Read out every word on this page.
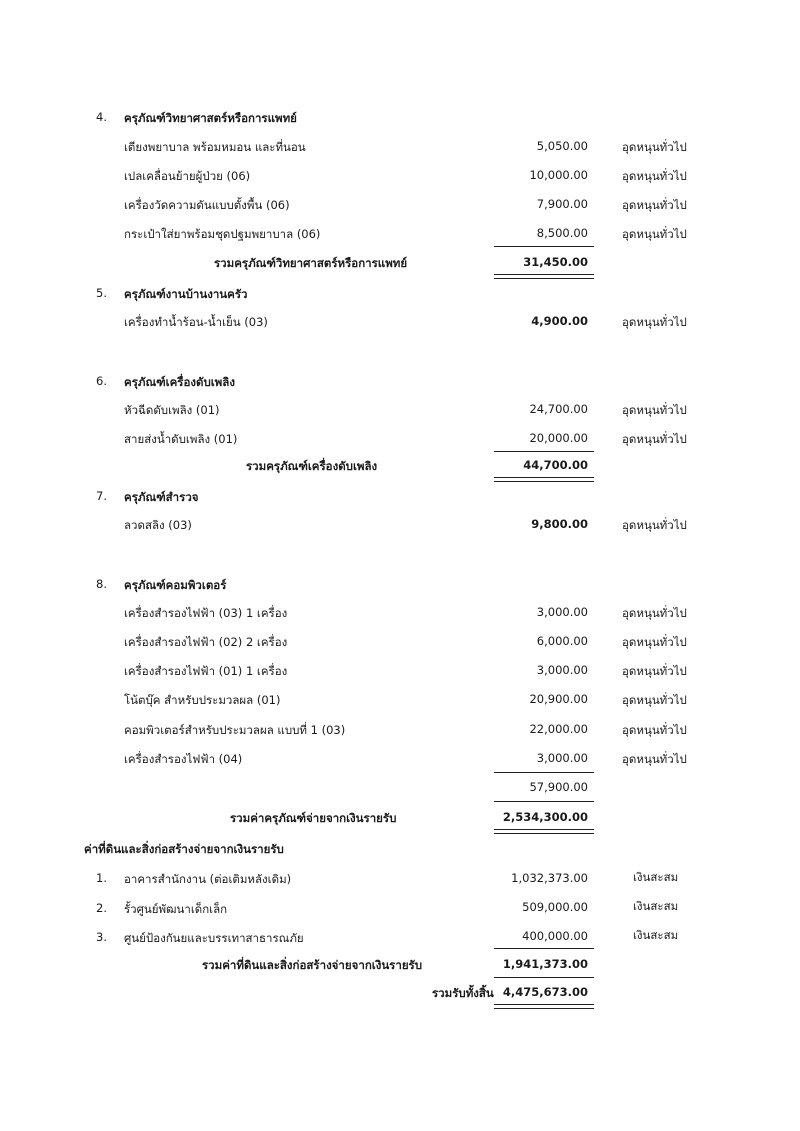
4. ครุภัณฑ์วิทยาศาสตร์หรือการแพทย์
เตียงพยาบาล พร้อมหมอน และที่นอน	5,050.00	อุดหนุนทั่วไป
เปลเคลื่อนย้ายผู้ป่วย (06)	10,000.00	อุดหนุนทั่วไป
เครื่องวัดความดันแบบตั้งพื้น (06)	7,900.00	อุดหนุนทั่วไป
กระเป๋าใส่ยาพร้อมชุดปฐมพยาบาล (06)	8,500.00	อุดหนุนทั่วไป
รวมครุภัณฑ์วิทยาศาสตร์หรือการแพทย์	31,450.00
5. ครุภัณฑ์งานบ้านงานครัว
เครื่องทำน้ำร้อน-น้ำเย็น (03)	4,900.00	อุดหนุนทั่วไป
6. ครุภัณฑ์เครื่องดับเพลิง
หัวฉีดดับเพลิง (01)	24,700.00	อุดหนุนทั่วไป
สายส่งน้ำดับเพลิง (01)	20,000.00	อุดหนุนทั่วไป
รวมครุภัณฑ์เครื่องดับเพลิง	44,700.00
7. ครุภัณฑ์สำรวจ
ลวดสลิง (03)	9,800.00	อุดหนุนทั่วไป
8. ครุภัณฑ์คอมพิวเตอร์
เครื่องสำรองไฟฟ้า (03) 1 เครื่อง	3,000.00	อุดหนุนทั่วไป
เครื่องสำรองไฟฟ้า (02) 2 เครื่อง	6,000.00	อุดหนุนทั่วไป
เครื่องสำรองไฟฟ้า (01) 1 เครื่อง	3,000.00	อุดหนุนทั่วไป
โน้ตบุ๊ค สำหรับประมวลผล (01)	20,900.00	อุดหนุนทั่วไป
คอมพิวเตอร์สำหรับประมวลผล แบบที่ 1 (03)	22,000.00	อุดหนุนทั่วไป
เครื่องสำรองไฟฟ้า (04)	3,000.00	อุดหนุนทั่วไป
57,900.00
รวมค่าครุภัณฑ์จ่ายจากเงินรายรับ	2,534,300.00
ค่าที่ดินและสิ่งก่อสร้างจ่ายจากเงินรายรับ
1. อาคารสำนักงาน (ต่อเติมหลังเดิม)	1,032,373.00	เงินสะสม
2. รั้วศูนย์พัฒนาเด็กเล็ก	509,000.00	เงินสะสม
3. ศูนย์ป้องกันยและบรรเทาสาธารณภัย	400,000.00	เงินสะสม
รวมค่าที่ดินและสิ่งก่อสร้างจ่ายจากเงินรายรับ	1,941,373.00
รวมรับทั้งสิ้น 4,475,673.00
